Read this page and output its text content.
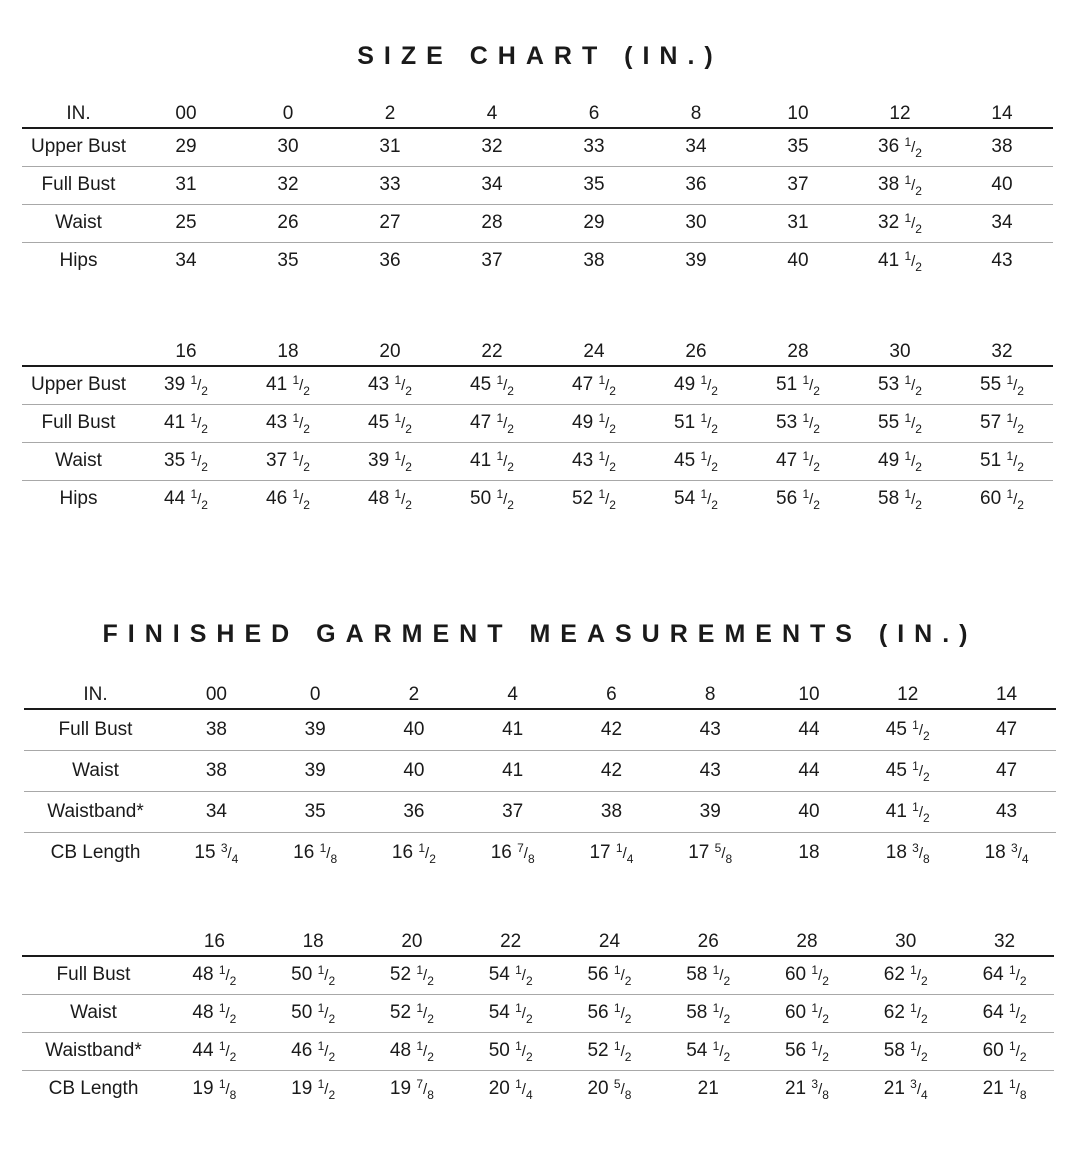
SIZE CHART (IN.)
IN.	00	0	2	4	6	8	10	12	14
Upper Bust	29	30	31	32	33	34	35	36 $^1/_2$	38
Full Bust	31	32	33	34	35	36	37	38 $^1/_2$	40
Waist	25	26	27	28	29	30	31	32 $^1/_2$	34
Hips	34	35	36	37	38	39	40	41 $^1/_2$	43
	16	18	20	22	24	26	28	30	32
Upper Bust	39 $^1/_2$	41 $^1/_2$	43 $^1/_2$	45 $^1/_2$	47 $^1/_2$	49 $^1/_2$	51 $^1/_2$	53 $^1/_2$	55 $^1/_2$
Full Bust	41 $^1/_2$	43 $^1/_2$	45 $^1/_2$	47 $^1/_2$	49 $^1/_2$	51 $^1/_2$	53 $^1/_2$	55 $^1/_2$	57 $^1/_2$
Waist	35 $^1/_2$	37 $^1/_2$	39 $^1/_2$	41 $^1/_2$	43 $^1/_2$	45 $^1/_2$	47 $^1/_2$	49 $^1/_2$	51 $^1/_2$
Hips	44 $^1/_2$	46 $^1/_2$	48 $^1/_2$	50 $^1/_2$	52 $^1/_2$	54 $^1/_2$	56 $^1/_2$	58 $^1/_2$	60 $^1/_2$
FINISHED GARMENT MEASUREMENTS (IN.)
IN.	00	0	2	4	6	8	10	12	14
Full Bust	38	39	40	41	42	43	44	45 $^1/_2$	47
Waist	38	39	40	41	42	43	44	45 $^1/_2$	47
Waistband*	34	35	36	37	38	39	40	41 $^1/_2$	43
CB Length	15 $^3/_4$	16 $^1/_8$	16 $^1/_2$	16 $^7/_8$	17 $^1/_4$	17 $^5/_8$	18	18 $^3/_8$	18 $^3/_4$
	16	18	20	22	24	26	28	30	32
Full Bust	48 $^1/_2$	50 $^1/_2$	52 $^1/_2$	54 $^1/_2$	56 $^1/_2$	58 $^1/_2$	60 $^1/_2$	62 $^1/_2$	64 $^1/_2$
Waist	48 $^1/_2$	50 $^1/_2$	52 $^1/_2$	54 $^1/_2$	56 $^1/_2$	58 $^1/_2$	60 $^1/_2$	62 $^1/_2$	64 $^1/_2$
Waistband*	44 $^1/_2$	46 $^1/_2$	48 $^1/_2$	50 $^1/_2$	52 $^1/_2$	54 $^1/_2$	56 $^1/_2$	58 $^1/_2$	60 $^1/_2$
CB Length	19 $^1/_8$	19 $^1/_2$	19 $^7/_8$	20 $^1/_4$	20 $^5/_8$	21	21 $^3/_8$	21 $^3/_4$	21 $^1/_8$
